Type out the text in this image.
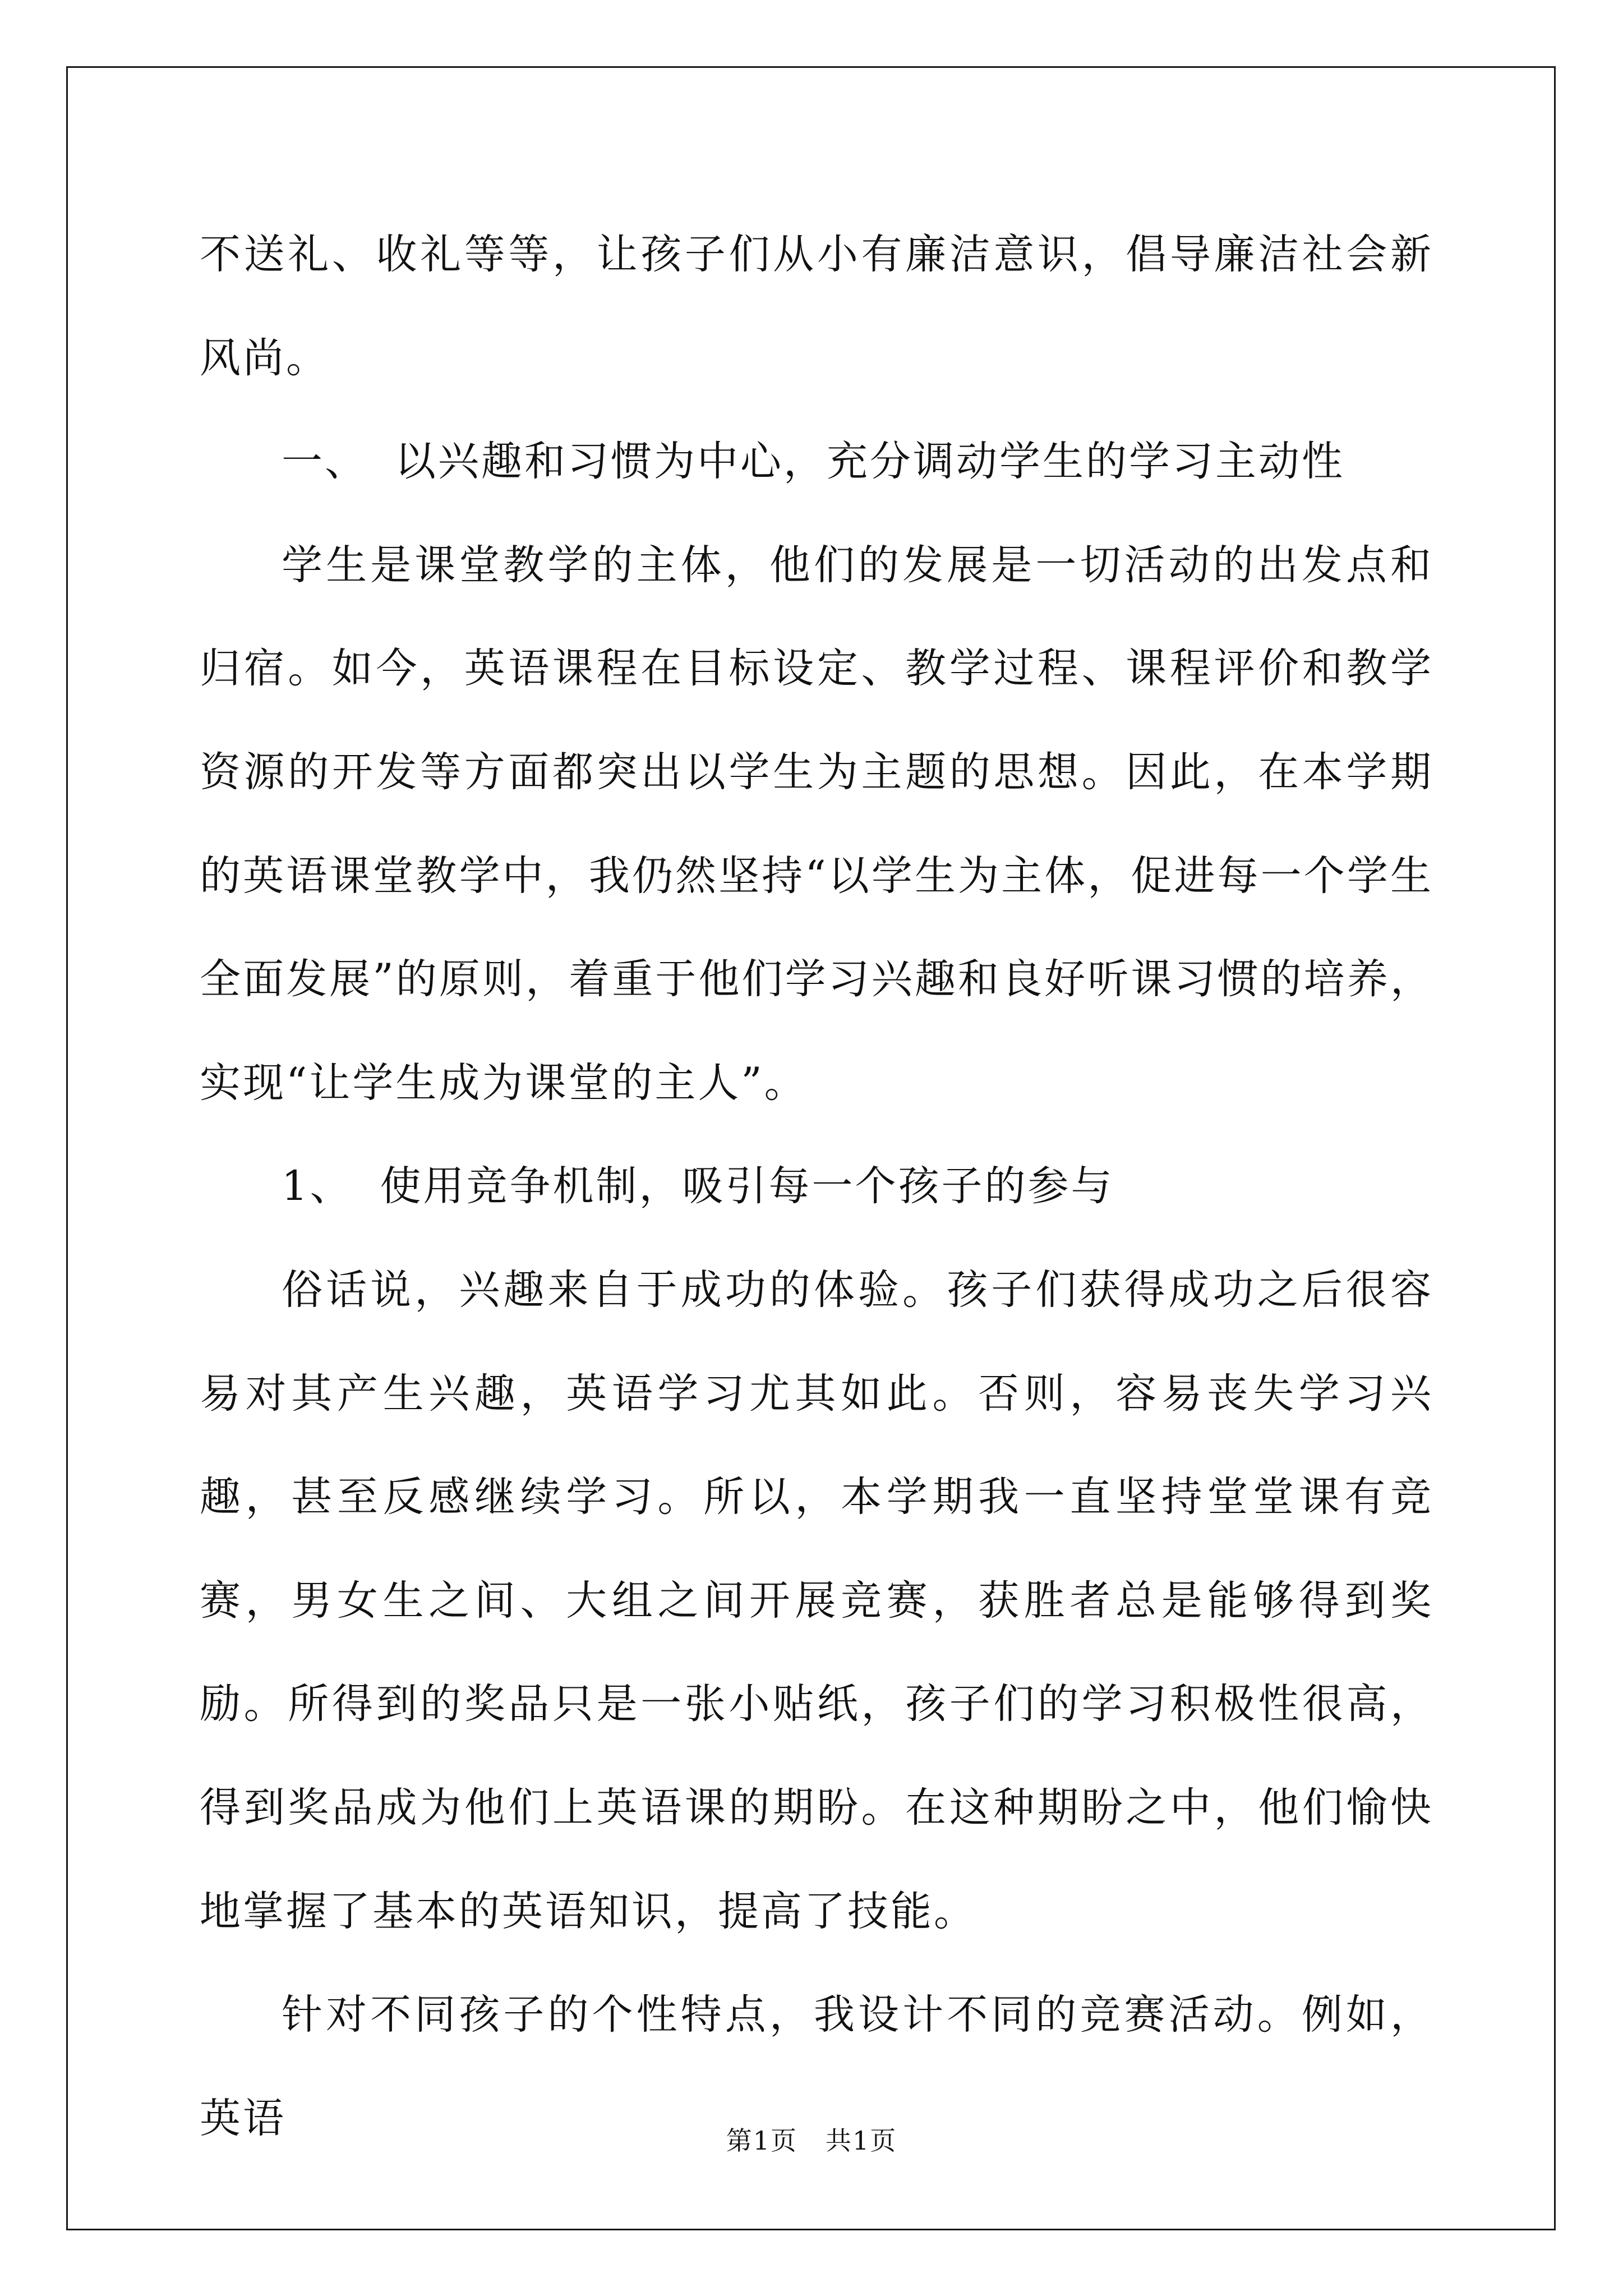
不送礼、收礼等等，让孩子们从小有廉洁意识，倡导廉洁社会新风尚。

一、 以兴趣和习惯为中心，充分调动学生的学习主动性

学生是课堂教学的主体，他们的发展是一切活动的出发点和归宿。如今，英语课程在目标设定、教学过程、课程评价和教学资源的开发等方面都突出以学生为主题的思想。因此，在本学期的英语课堂教学中，我仍然坚持“以学生为主体，促进每一个学生全面发展”的原则，着重于他们学习兴趣和良好听课习惯的培养，实现“让学生成为课堂的主人”。

1、 使用竞争机制，吸引每一个孩子的参与

俗话说，兴趣来自于成功的体验。孩子们获得成功之后很容易对其产生兴趣，英语学习尤其如此。否则，容易丧失学习兴趣，甚至反感继续学习。所以，本学期我一直坚持堂堂课有竞赛，男女生之间、大组之间开展竞赛，获胜者总是能够得到奖励。所得到的奖品只是一张小贴纸，孩子们的学习积极性很高，得到奖品成为他们上英语课的期盼。在这种期盼之中，他们愉快地掌握了基本的英语知识，提高了技能。

针对不同孩子的个性特点，我设计不同的竞赛活动。例如，英语	第1页 共1页
